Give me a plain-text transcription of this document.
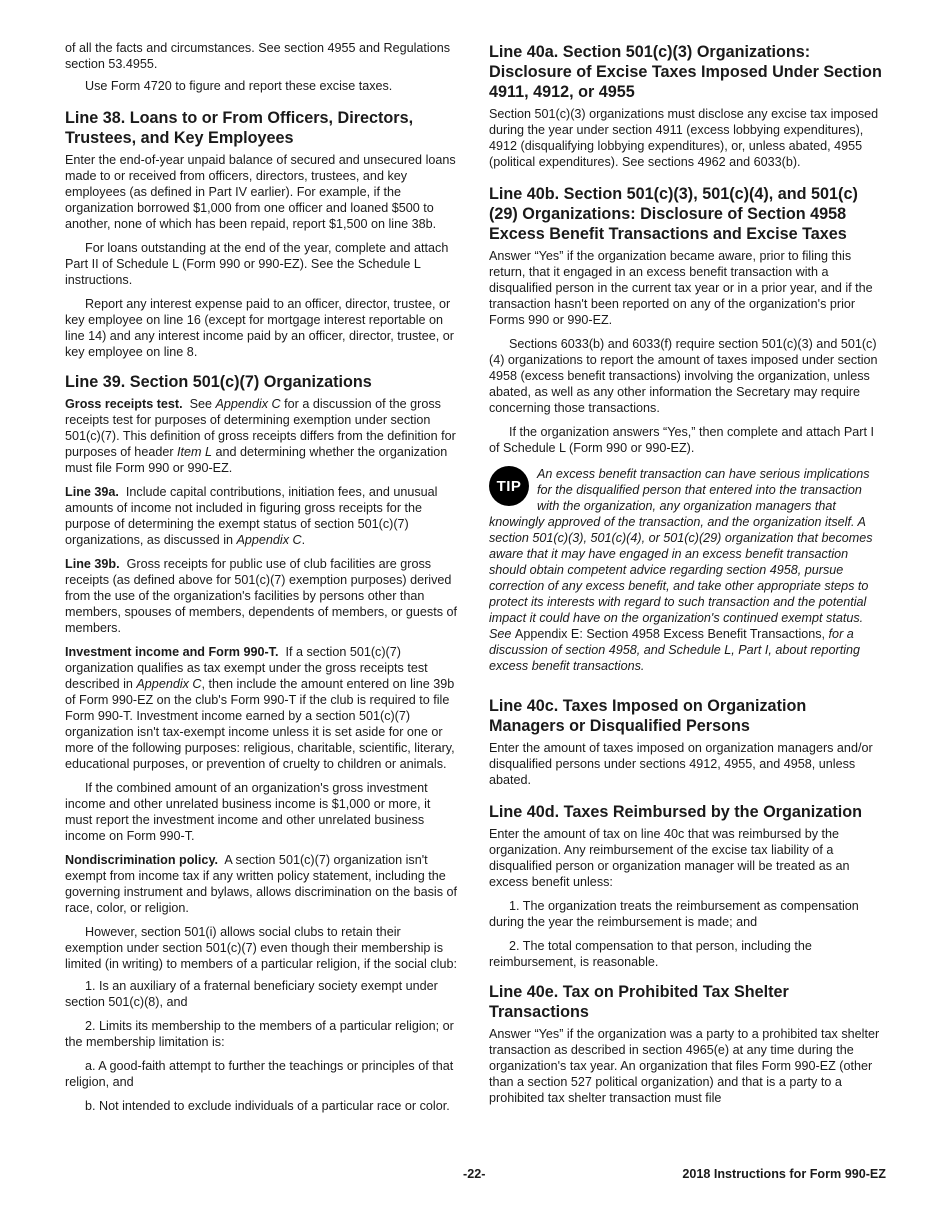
of all the facts and circumstances. See section 4955 and Regulations section 53.4955.

Use Form 4720 to figure and report these excise taxes.

Line 38. Loans to or From Officers, Directors, Trustees, and Key Employees

Enter the end-of-year unpaid balance of secured and unsecured loans made to or received from officers, directors, trustees, and key employees (as defined in Part IV earlier). For example, if the organization borrowed $1,000 from one officer and loaned $500 to another, none of which has been repaid, report $1,500 on line 38b.

For loans outstanding at the end of the year, complete and attach Part II of Schedule L (Form 990 or 990-EZ). See the Schedule L instructions.

Report any interest expense paid to an officer, director, trustee, or key employee on line 16 (except for mortgage interest reportable on line 14) and any interest income paid by an officer, director, trustee, or key employee on line 8.

Line 39. Section 501(c)(7) Organizations

Gross receipts test. See Appendix C for a discussion of the gross receipts test for purposes of determining exemption under section 501(c)(7). This definition of gross receipts differs from the definition for purposes of header Item L and determining whether the organization must file Form 990 or 990-EZ.

Line 39a. Include capital contributions, initiation fees, and unusual amounts of income not included in figuring gross receipts for the purpose of determining the exempt status of section 501(c)(7) organizations, as discussed in Appendix C.

Line 39b. Gross receipts for public use of club facilities are gross receipts (as defined above for 501(c)(7) exemption purposes) derived from the use of the organization's facilities by persons other than members, spouses of members, dependents of members, or guests of members.

Investment income and Form 990-T. If a section 501(c)(7) organization qualifies as tax exempt under the gross receipts test described in Appendix C, then include the amount entered on line 39b of Form 990-EZ on the club's Form 990-T if the club is required to file Form 990-T. Investment income earned by a section 501(c)(7) organization isn't tax-exempt income unless it is set aside for one or more of the following purposes: religious, charitable, scientific, literary, educational purposes, or prevention of cruelty to children or animals.

If the combined amount of an organization's gross investment income and other unrelated business income is $1,000 or more, it must report the investment income and other unrelated business income on Form 990-T.

Nondiscrimination policy. A section 501(c)(7) organization isn't exempt from income tax if any written policy statement, including the governing instrument and bylaws, allows discrimination on the basis of race, color, or religion.

However, section 501(i) allows social clubs to retain their exemption under section 501(c)(7) even though their membership is limited (in writing) to members of a particular religion, if the social club:

1. Is an auxiliary of a fraternal beneficiary society exempt under section 501(c)(8), and

2. Limits its membership to the members of a particular religion; or the membership limitation is:

a. A good-faith attempt to further the teachings or principles of that religion, and

b. Not intended to exclude individuals of a particular race or color.

Line 40a. Section 501(c)(3) Organizations: Disclosure of Excise Taxes Imposed Under Section 4911, 4912, or 4955

Section 501(c)(3) organizations must disclose any excise tax imposed during the year under section 4911 (excess lobbying expenditures), 4912 (disqualifying lobbying expenditures), or, unless abated, 4955 (political expenditures). See sections 4962 and 6033(b).

Line 40b. Section 501(c)(3), 501(c)(4), and 501(c)(29) Organizations: Disclosure of Section 4958 Excess Benefit Transactions and Excise Taxes

Answer “Yes” if the organization became aware, prior to filing this return, that it engaged in an excess benefit transaction with a disqualified person in the current tax year or in a prior year, and if the transaction hasn't been reported on any of the organization's prior Forms 990 or 990-EZ.

Sections 6033(b) and 6033(f) require section 501(c)(3) and 501(c)(4) organizations to report the amount of taxes imposed under section 4958 (excess benefit transactions) involving the organization, unless abated, as well as any other information the Secretary may require concerning those transactions.

If the organization answers “Yes,” then complete and attach Part I of Schedule L (Form 990 or 990-EZ).

TIP

An excess benefit transaction can have serious implications for the disqualified person that entered into the transaction with the organization, any organization managers that knowingly approved of the transaction, and the organization itself. A section 501(c)(3), 501(c)(4), or 501(c)(29) organization that becomes aware that it may have engaged in an excess benefit transaction should obtain competent advice regarding section 4958, pursue correction of any excess benefit, and take other appropriate steps to protect its interests with regard to such transaction and the potential impact it could have on the organization's continued exempt status. See Appendix E: Section 4958 Excess Benefit Transactions, for a discussion of section 4958, and Schedule L, Part I, about reporting excess benefit transactions.

Line 40c. Taxes Imposed on Organization Managers or Disqualified Persons

Enter the amount of taxes imposed on organization managers and/or disqualified persons under sections 4912, 4955, and 4958, unless abated.

Line 40d. Taxes Reimbursed by the Organization

Enter the amount of tax on line 40c that was reimbursed by the organization. Any reimbursement of the excise tax liability of a disqualified person or organization manager will be treated as an excess benefit unless:

1. The organization treats the reimbursement as compensation during the year the reimbursement is made; and

2. The total compensation to that person, including the reimbursement, is reasonable.

Line 40e. Tax on Prohibited Tax Shelter Transactions

Answer “Yes” if the organization was a party to a prohibited tax shelter transaction as described in section 4965(e) at any time during the organization's tax year. An organization that files Form 990-EZ (other than a section 527 political organization) and that is a party to a prohibited tax shelter transaction must file

-22-	2018 Instructions for Form 990-EZ
